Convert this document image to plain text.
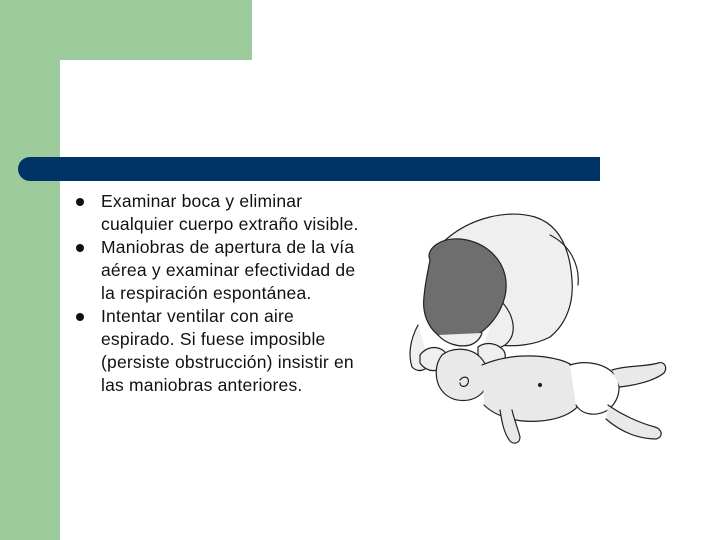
Examinar boca y eliminar cualquier cuerpo extraño visible.
Maniobras de apertura de la vía aérea y examinar efectividad de la respiración espontánea.
Intentar ventilar con aire espirado. Si fuese imposible (persiste obstrucción) insistir en las maniobras anteriores.
